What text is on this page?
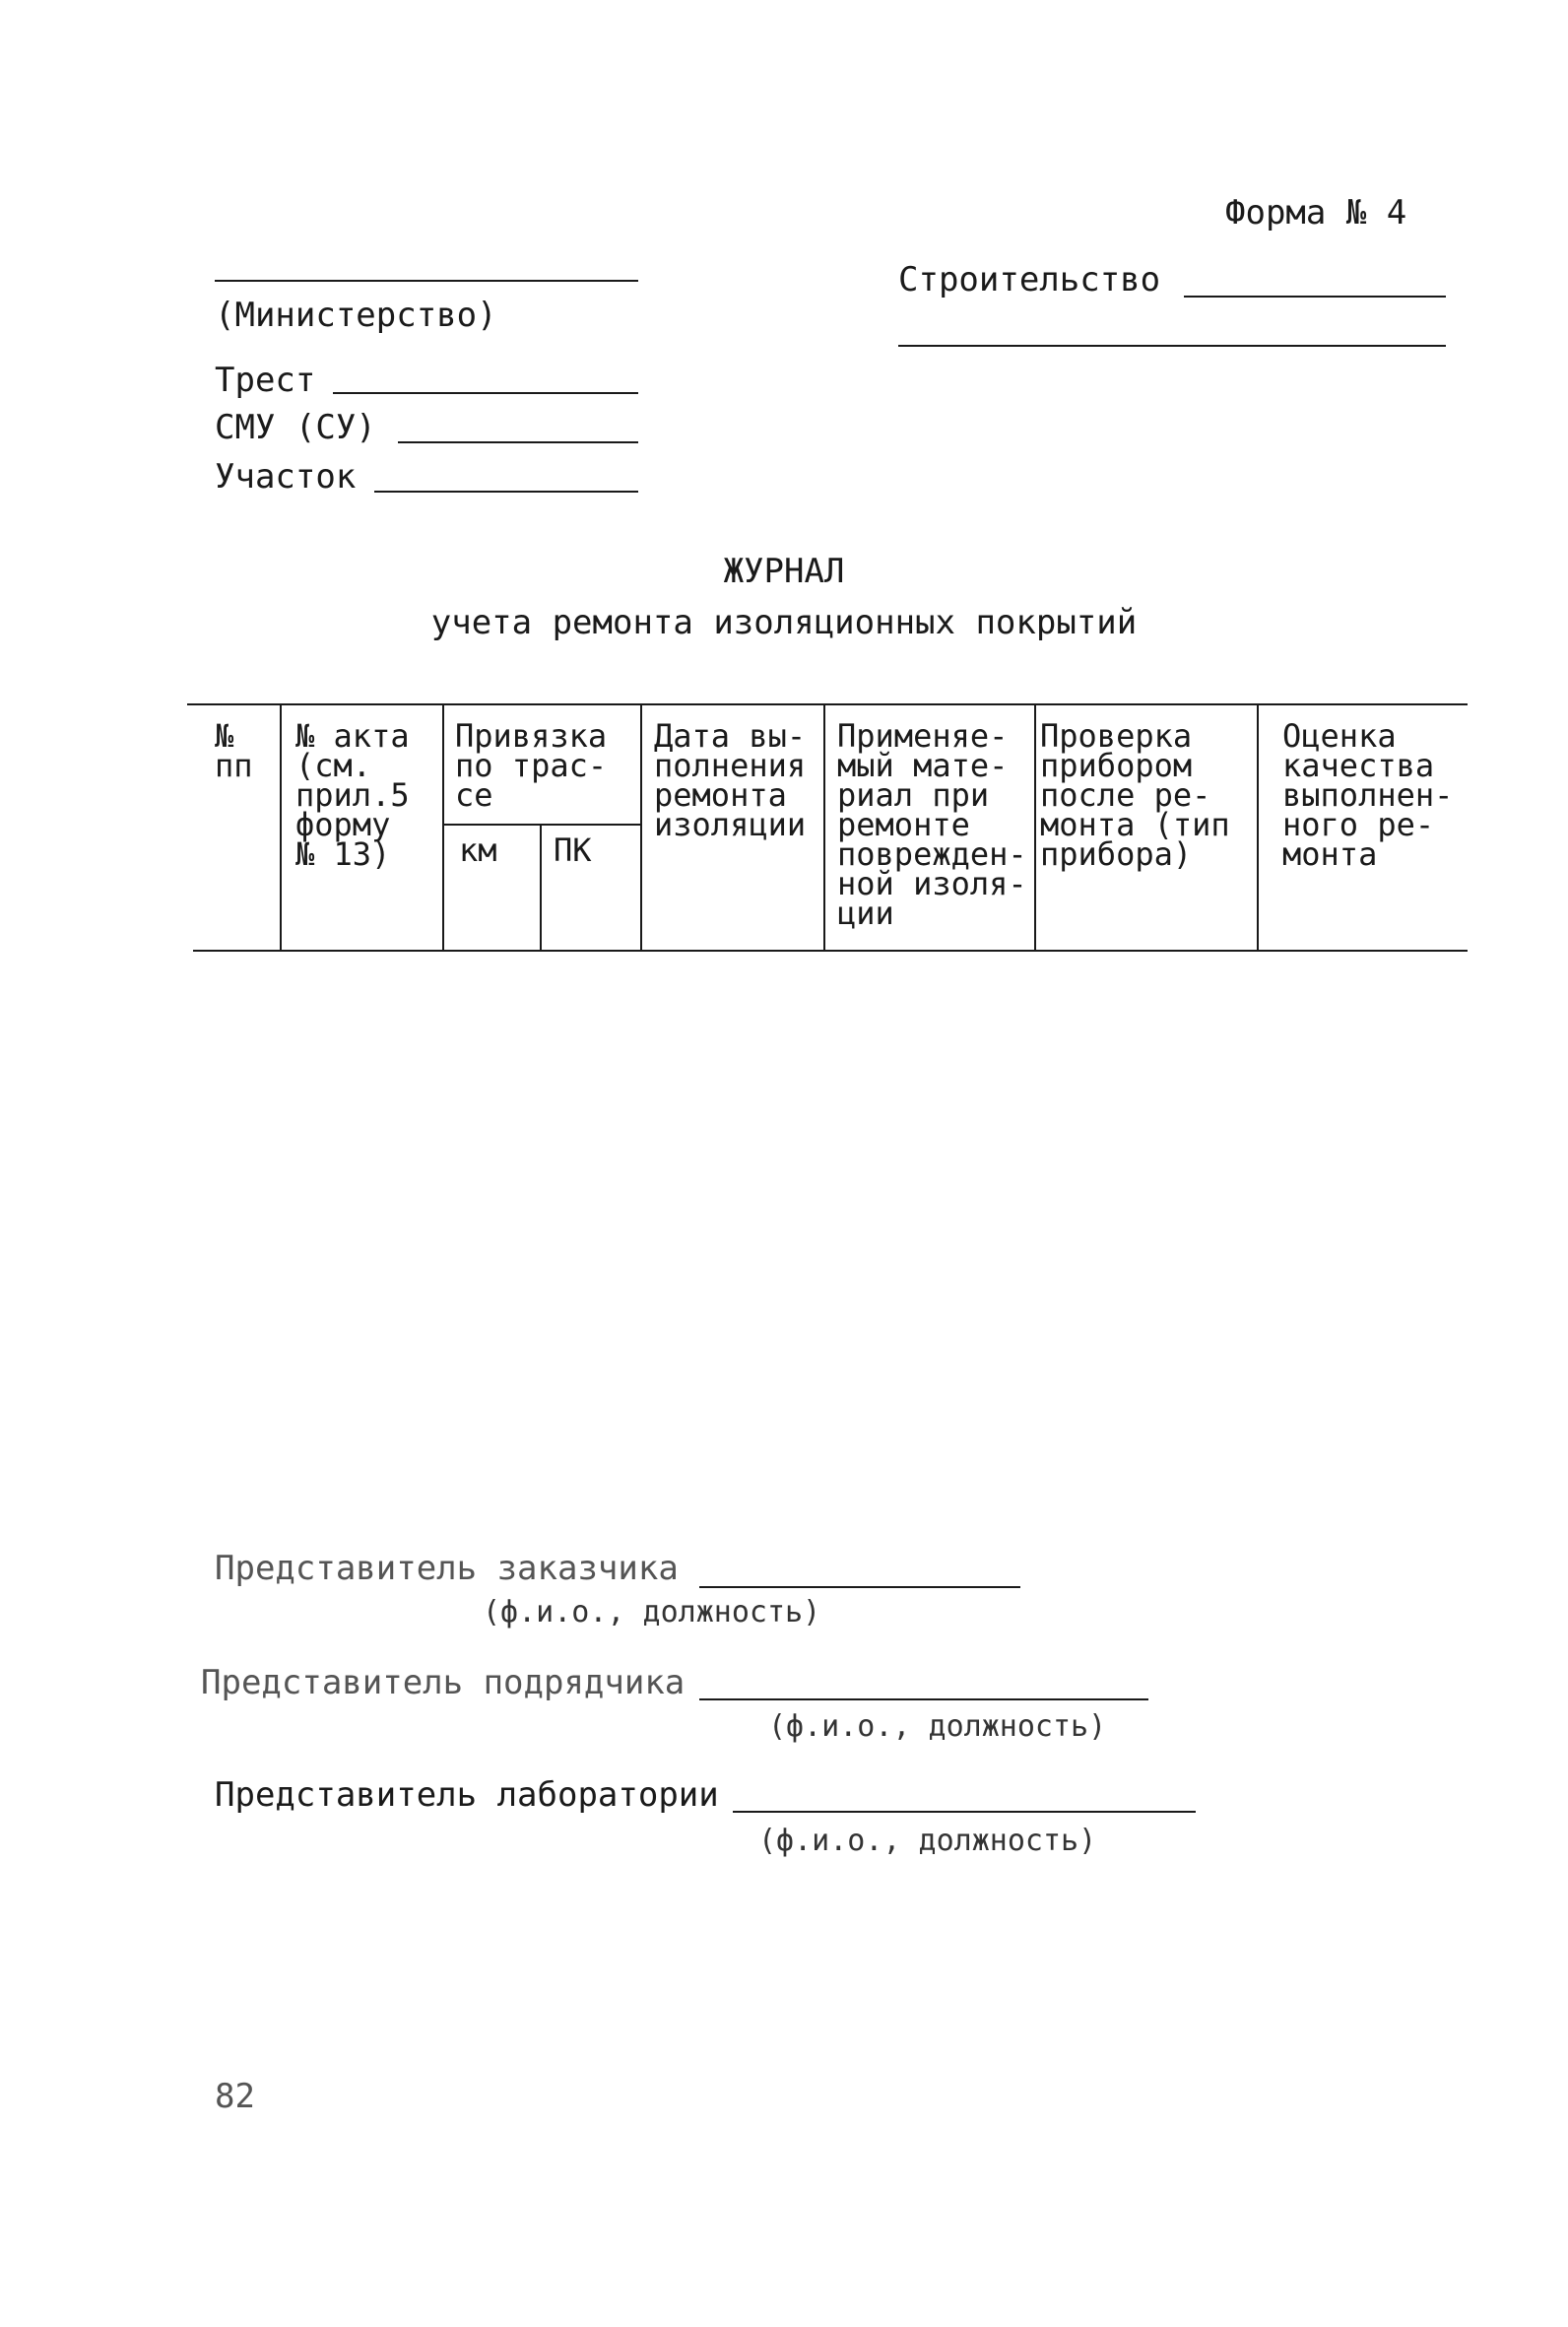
Форма № 4
(Министерство)
Трест
СМУ (СУ)
Участок
Строительство
ЖУРНАЛ
учета ремонта изоляционных покрытий
№
пп
№ акта
(см.
прил.5
форму
№ 13)
Привязка
по трас-
се
км ПК
Дата вы-
полнения
ремонта
изоляции
Применяе-
мый мате-
риал при
ремонте
поврежден-
ной изоля-
ции
Проверка
прибором
после ре-
монта (тип
прибора)
Оценка
качества
выполнен-
ного ре-
монта
Представитель заказчика
(ф.и.о., должность)
Представитель подрядчика
(ф.и.о., должность)
Представитель лаборатории
(ф.и.о., должность)
82
